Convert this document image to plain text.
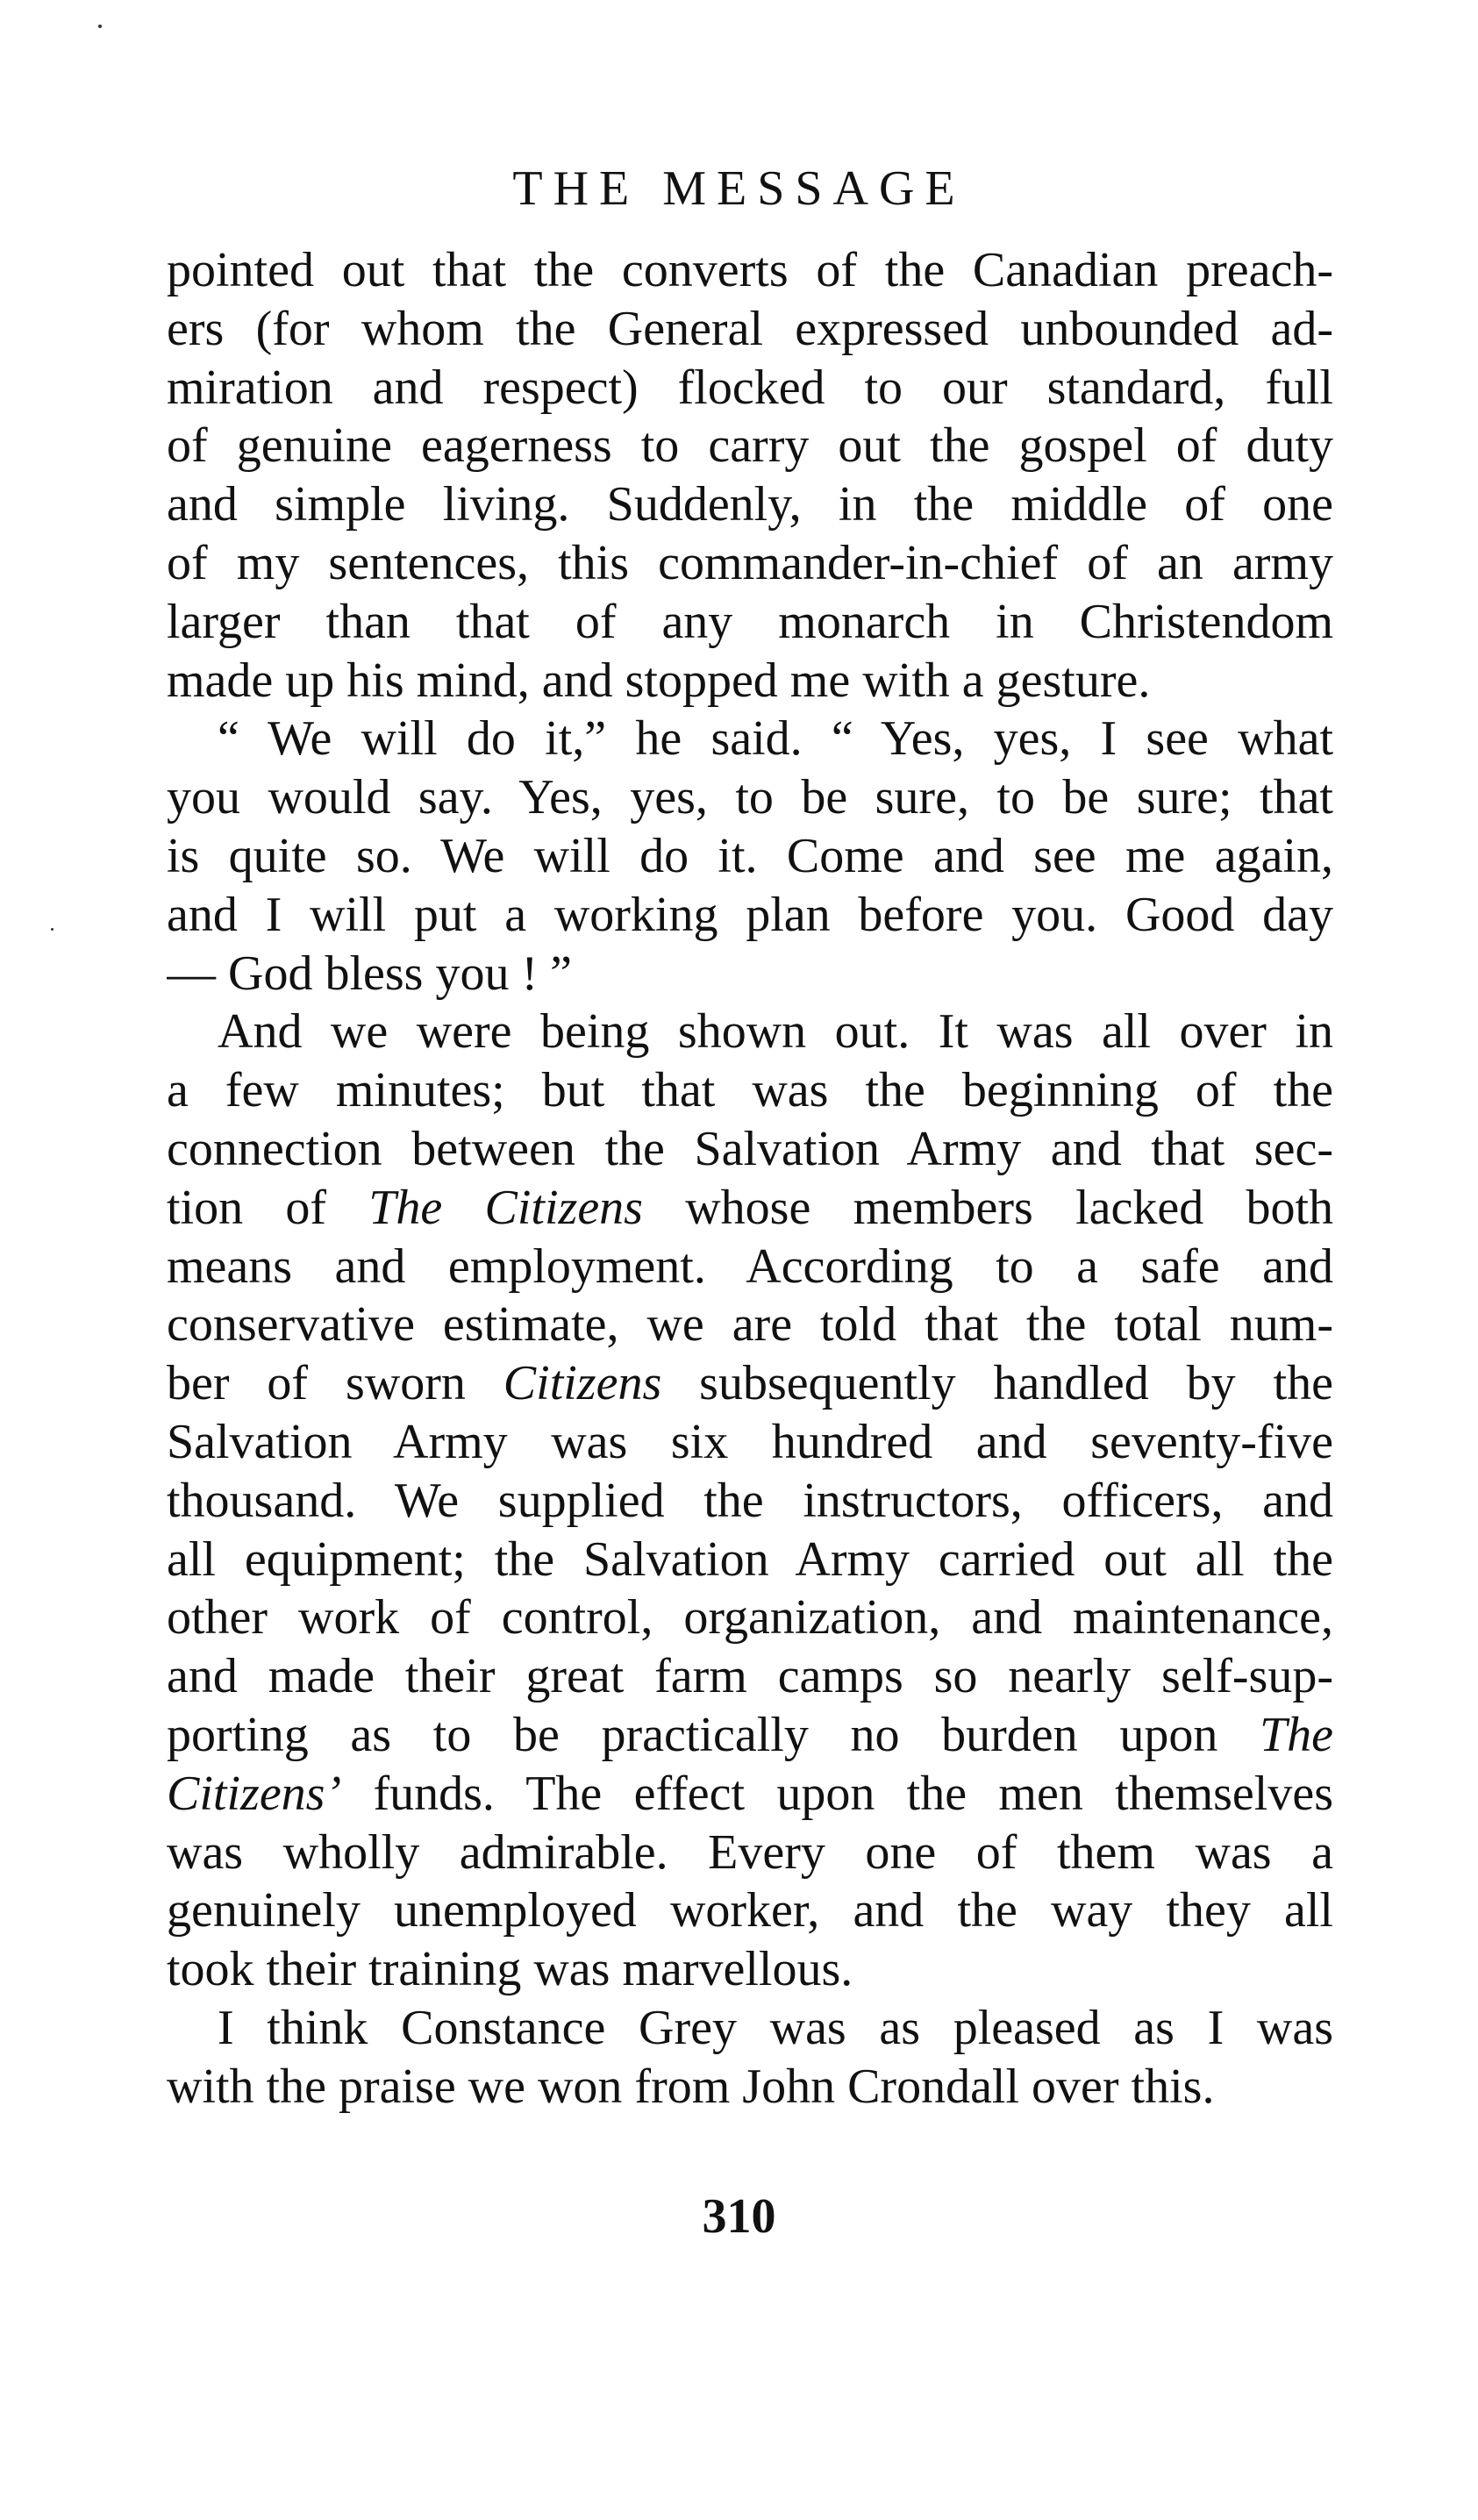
THE MESSAGE
pointed out that the converts of the Canadian preach-
ers (for whom the General expressed unbounded ad-
miration and respect) flocked to our standard, full
of genuine eagerness to carry out the gospel of duty
and simple living. Suddenly, in the middle of one
of my sentences, this commander-in-chief of an army
larger than that of any monarch in Christendom
made up his mind, and stopped me with a gesture.
“ We will do it,” he said. “ Yes, yes, I see what
you would say. Yes, yes, to be sure, to be sure; that
is quite so. We will do it. Come and see me again,
and I will put a working plan before you. Good day
— God bless you ! ”
And we were being shown out. It was all over in
a few minutes; but that was the beginning of the
connection between the Salvation Army and that sec-
tion of The Citizens whose members lacked both
means and employment. According to a safe and
conservative estimate, we are told that the total num-
ber of sworn Citizens subsequently handled by the
Salvation Army was six hundred and seventy-five
thousand. We supplied the instructors, officers, and
all equipment; the Salvation Army carried out all the
other work of control, organization, and maintenance,
and made their great farm camps so nearly self-sup-
porting as to be practically no burden upon The
Citizens’ funds. The effect upon the men themselves
was wholly admirable. Every one of them was a
genuinely unemployed worker, and the way they all
took their training was marvellous.
I think Constance Grey was as pleased as I was
with the praise we won from John Crondall over this.
310
